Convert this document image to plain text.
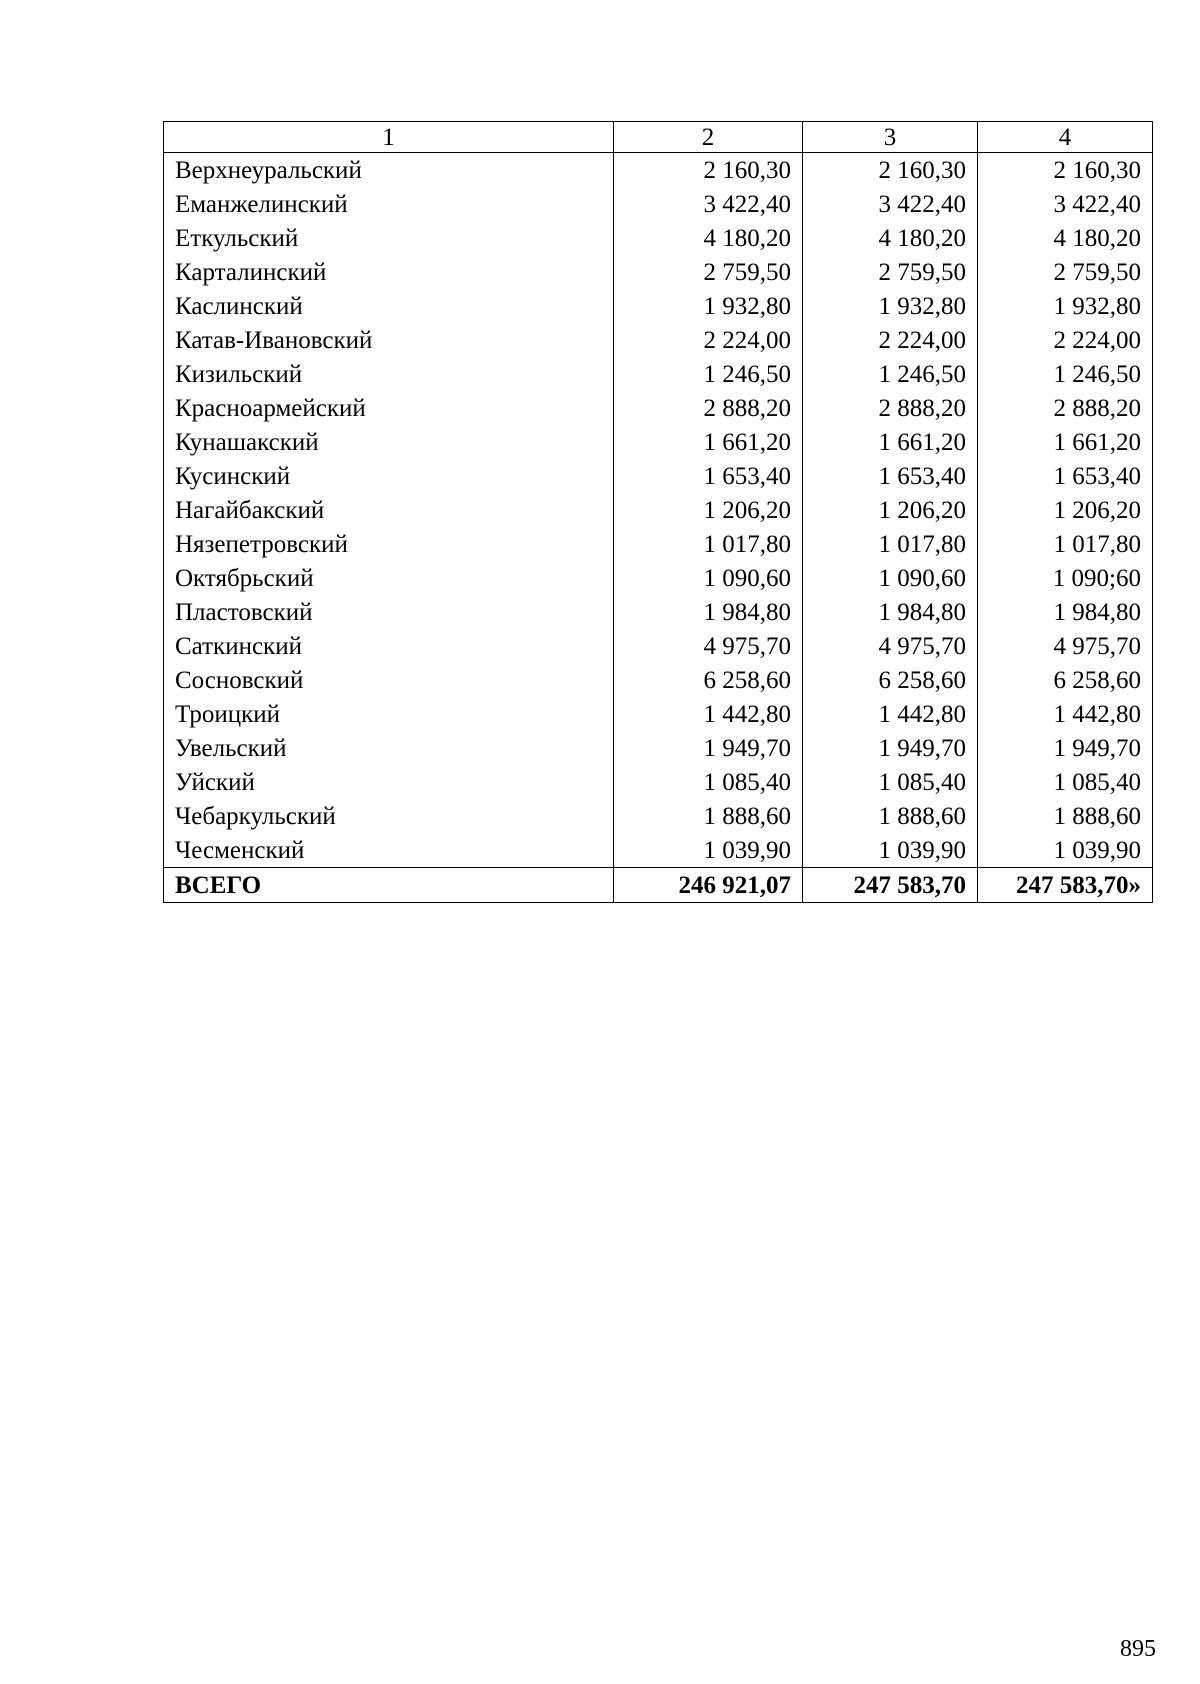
1	2	3	4
Верхнеуральский	2 160,30	2 160,30	2 160,30
Еманжелинский	3 422,40	3 422,40	3 422,40
Еткульский	4 180,20	4 180,20	4 180,20
Карталинский	2 759,50	2 759,50	2 759,50
Каслинский	1 932,80	1 932,80	1 932,80
Катав-Ивановский	2 224,00	2 224,00	2 224,00
Кизильский	1 246,50	1 246,50	1 246,50
Красноармейский	2 888,20	2 888,20	2 888,20
Кунашакский	1 661,20	1 661,20	1 661,20
Кусинский	1 653,40	1 653,40	1 653,40
Нагайбакский	1 206,20	1 206,20	1 206,20
Нязепетровский	1 017,80	1 017,80	1 017,80
Октябрьский	1 090,60	1 090,60	1 090;60
Пластовский	1 984,80	1 984,80	1 984,80
Саткинский	4 975,70	4 975,70	4 975,70
Сосновский	6 258,60	6 258,60	6 258,60
Троицкий	1 442,80	1 442,80	1 442,80
Увельский	1 949,70	1 949,70	1 949,70
Уйский	1 085,40	1 085,40	1 085,40
Чебаркульский	1 888,60	1 888,60	1 888,60
Чесменский	1 039,90	1 039,90	1 039,90
ВСЕГО	246 921,07	247 583,70	247 583,70»
895
